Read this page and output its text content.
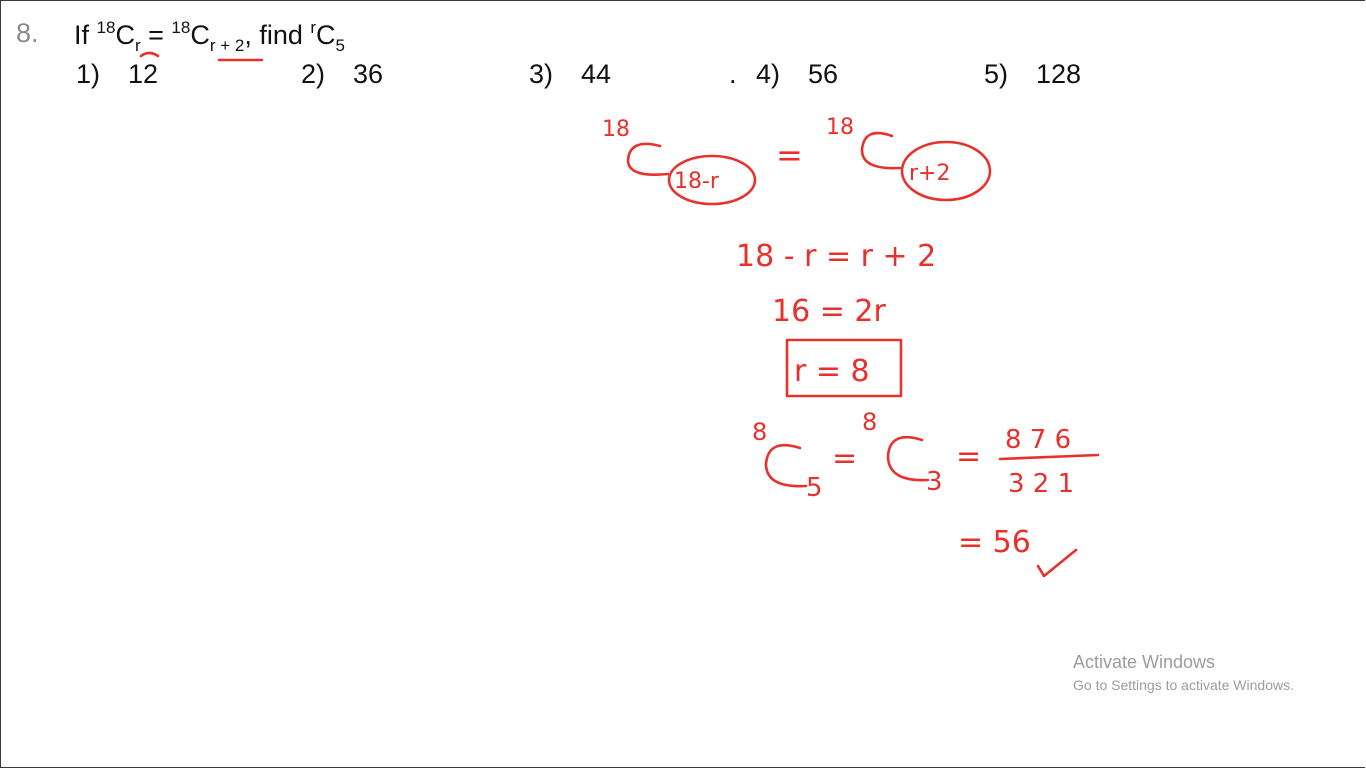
8. If $^{18}C_r = ^{18}C_{r + 2}$, find $^rC_5$
1) 12	2) 36	3) 44	. 4) 56	5) 128
18
18-r
=
18
r+2
18 - r = r + 2
16 = 2r
r = 8
8
5
=
8
3
= 8 7 6
3 2 1
= 56
Activate Windows
Go to Settings to activate Windows.
